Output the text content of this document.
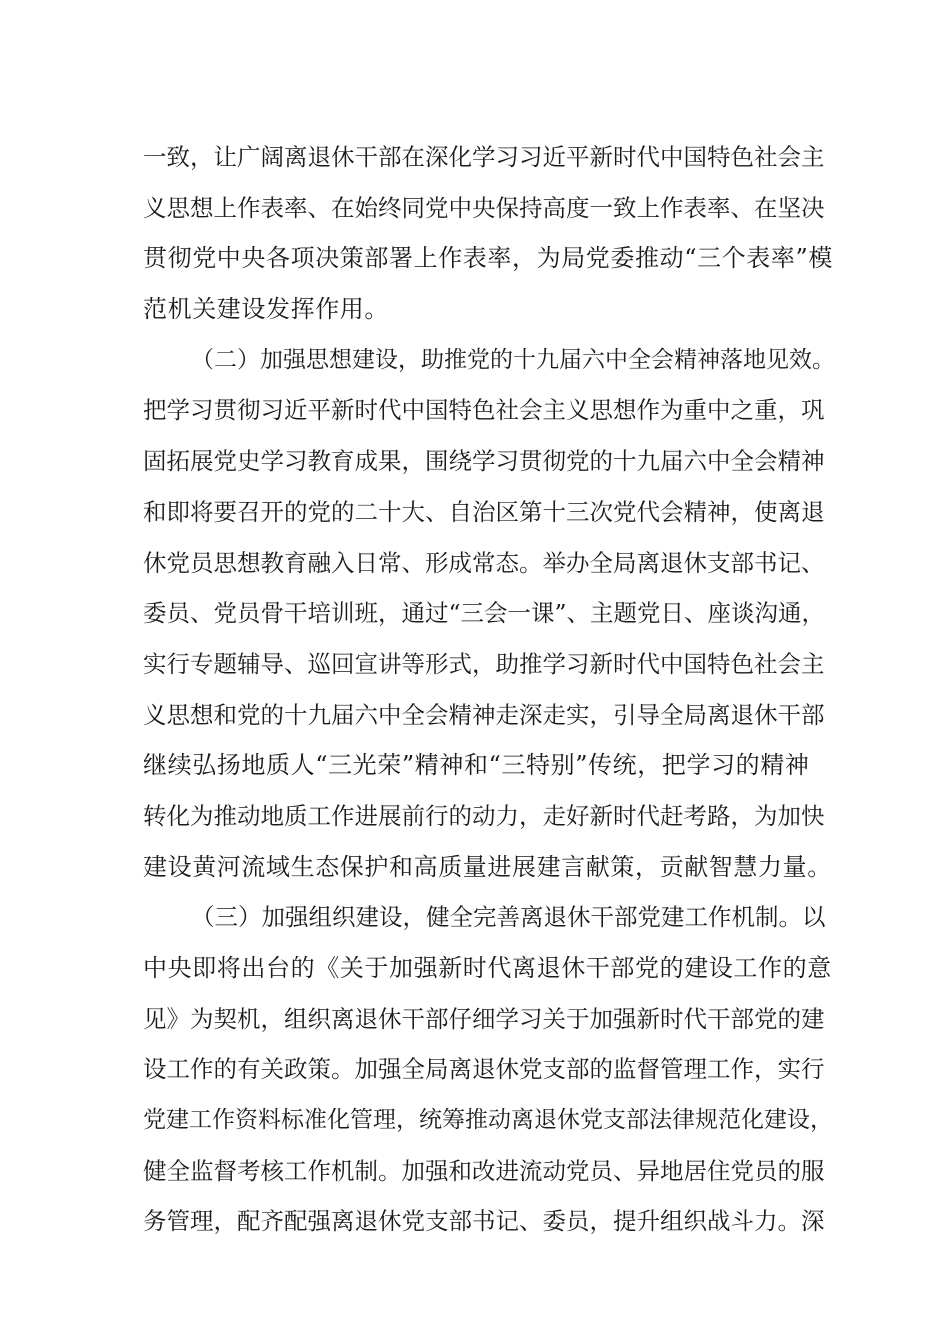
一致，让广阔离退休干部在深化学习习近平新时代中国特色社会主
义思想上作表率、在始终同党中央保持高度一致上作表率、在坚决
贯彻党中央各项决策部署上作表率，为局党委推动“三个表率”模
范机关建设发挥作用。
（二）加强思想建设，助推党的十九届六中全会精神落地见效。
把学习贯彻习近平新时代中国特色社会主义思想作为重中之重，巩
固拓展党史学习教育成果，围绕学习贯彻党的十九届六中全会精神
和即将要召开的党的二十大、自治区第十三次党代会精神，使离退
休党员思想教育融入日常、形成常态。举办全局离退休支部书记、
委员、党员骨干培训班，通过“三会一课”、主题党日、座谈沟通，
实行专题辅导、巡回宣讲等形式，助推学习新时代中国特色社会主
义思想和党的十九届六中全会精神走深走实，引导全局离退休干部
继续弘扬地质人“三光荣”精神和“三特别”传统，把学习的精神
转化为推动地质工作进展前行的动力，走好新时代赶考路，为加快
建设黄河流域生态保护和高质量进展建言献策，贡献智慧力量。
（三）加强组织建设，健全完善离退休干部党建工作机制。以
中央即将出台的《关于加强新时代离退休干部党的建设工作的意
见》为契机，组织离退休干部仔细学习关于加强新时代干部党的建
设工作的有关政策。加强全局离退休党支部的监督管理工作，实行
党建工作资料标准化管理，统筹推动离退休党支部法律规范化建设，
健全监督考核工作机制。加强和改进流动党员、异地居住党员的服
务管理，配齐配强离退休党支部书记、委员，提升组织战斗力。深
